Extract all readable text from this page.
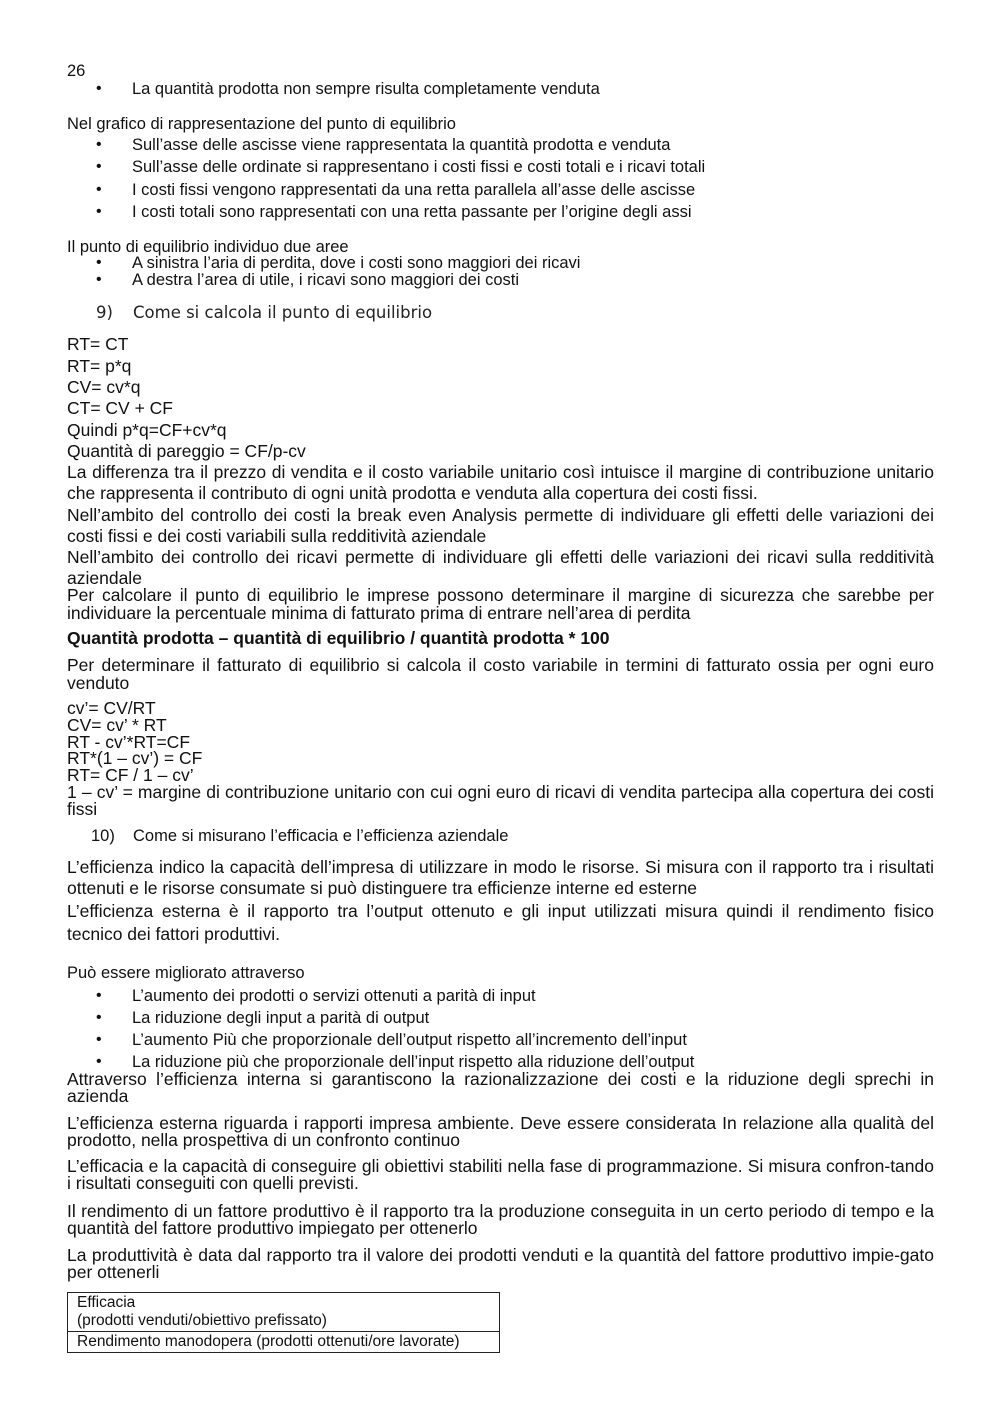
26
• La quantità prodotta non sempre risulta completamente venduta
Nel grafico di rappresentazione del punto di equilibrio
• Sull’asse delle ascisse viene rappresentata la quantità prodotta e venduta
• Sull’asse delle ordinate si rappresentano i costi fissi e costi totali e i ricavi totali
• I costi fissi vengono rappresentati da una retta parallela all’asse delle ascisse
• I costi totali sono rappresentati con una retta passante per l’origine degli assi
Il punto di equilibrio individuo due aree
• A sinistra l’aria di perdita, dove i costi sono maggiori dei ricavi
• A destra l’area di utile, i ricavi sono maggiori dei costi
9) Come si calcola il punto di equilibrio
RT= CT
RT= p*q
CV= cv*q
CT= CV + CF
Quindi p*q=CF+cv*q
Quantità di pareggio = CF/p-cv
La differenza tra il prezzo di vendita e il costo variabile unitario così intuisce il margine di contribuzione unitario che rappresenta il contributo di ogni unità prodotta e venduta alla copertura dei costi fissi.
Nell’ambito del controllo dei costi la break even Analysis permette di individuare gli effetti delle variazioni dei costi fissi e dei costi variabili sulla redditività aziendale
Nell’ambito dei controllo dei ricavi permette di individuare gli effetti delle variazioni dei ricavi sulla redditività aziendale
Per calcolare il punto di equilibrio le imprese possono determinare il margine di sicurezza che sarebbe per individuare la percentuale minima di fatturato prima di entrare nell’area di perdita
Quantità prodotta – quantità di equilibrio / quantità prodotta * 100
Per determinare il fatturato di equilibrio si calcola il costo variabile in termini di fatturato ossia per ogni euro venduto
cv’= CV/RT
CV= cv’ * RT
RT - cv’*RT=CF
RT*(1 – cv’) = CF
RT= CF / 1 – cv’
1 – cv’ = margine di contribuzione unitario con cui ogni euro di ricavi di vendita partecipa alla copertura dei costi fissi
10) Come si misurano l’efficacia e l’efficienza aziendale
L’efficienza indico la capacità dell’impresa di utilizzare in modo le risorse. Si misura con il rapporto tra i risultati ottenuti e le risorse consumate si può distinguere tra efficienze interne ed esterne
L’efficienza esterna è il rapporto tra l’output ottenuto e gli input utilizzati misura quindi il rendimento fisico tecnico dei fattori produttivi.
Può essere migliorato attraverso
• L’aumento dei prodotti o servizi ottenuti a parità di input
• La riduzione degli input a parità di output
• L’aumento Più che proporzionale dell’output rispetto all’incremento dell’input
• La riduzione più che proporzionale dell’input rispetto alla riduzione dell’output
Attraverso l’efficienza interna si garantiscono la razionalizzazione dei costi e la riduzione degli sprechi in azienda
L’efficienza esterna riguarda i rapporti impresa ambiente. Deve essere considerata In relazione alla qualità del prodotto, nella prospettiva di un confronto continuo
L’efficacia e la capacità di conseguire gli obiettivi stabiliti nella fase di programmazione. Si misura confron-tando i risultati conseguiti con quelli previsti.
Il rendimento di un fattore produttivo è il rapporto tra la produzione conseguita in un certo periodo di tempo e la quantità del fattore produttivo impiegato per ottenerlo
La produttività è data dal rapporto tra il valore dei prodotti venduti e la quantità del fattore produttivo impie-gato per ottenerli
Efficacia
(prodotti venduti/obiettivo prefissato)

Rendimento manodopera (prodotti ottenuti/ore lavorate)
